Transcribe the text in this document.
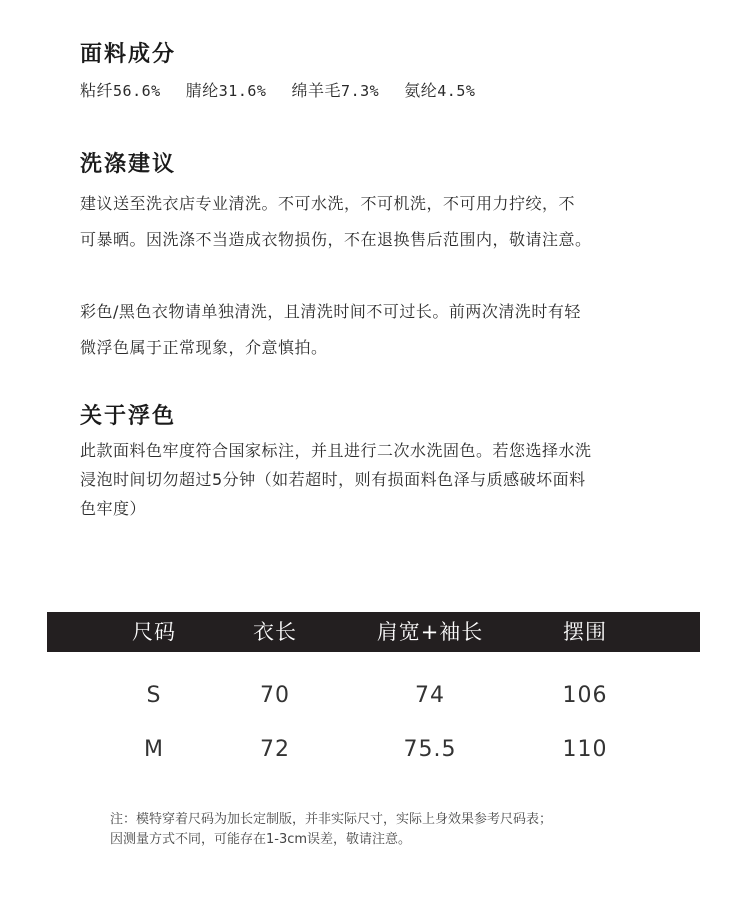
面料成分
粘纤56.6% 腈纶31.6% 绵羊毛7.3% 氨纶4.5%
洗涤建议

建议送至洗衣店专业清洗。不可水洗，不可机洗，不可用力拧绞，不

可暴晒。因洗涤不当造成衣物损伤，不在退换售后范围内，敬请注意。

彩色/黑色衣物请单独清洗，且清洗时间不可过长。前两次清洗时有轻

微浮色属于正常现象，介意慎拍。

关于浮色

此款面料色牢度符合国家标注，并且进行二次水洗固色。若您选择水洗

浸泡时间切勿超过5分钟（如若超时，则有损面料色泽与质感破坏面料

色牢度）

尺码	衣长	肩宽+袖长	摆围
S	70	74	106
M	72	75.5	110

注：模特穿着尺码为加长定制版，并非实际尺寸，实际上身效果参考尺码表；

因测量方式不同，可能存在1-3cm误差，敬请注意。
